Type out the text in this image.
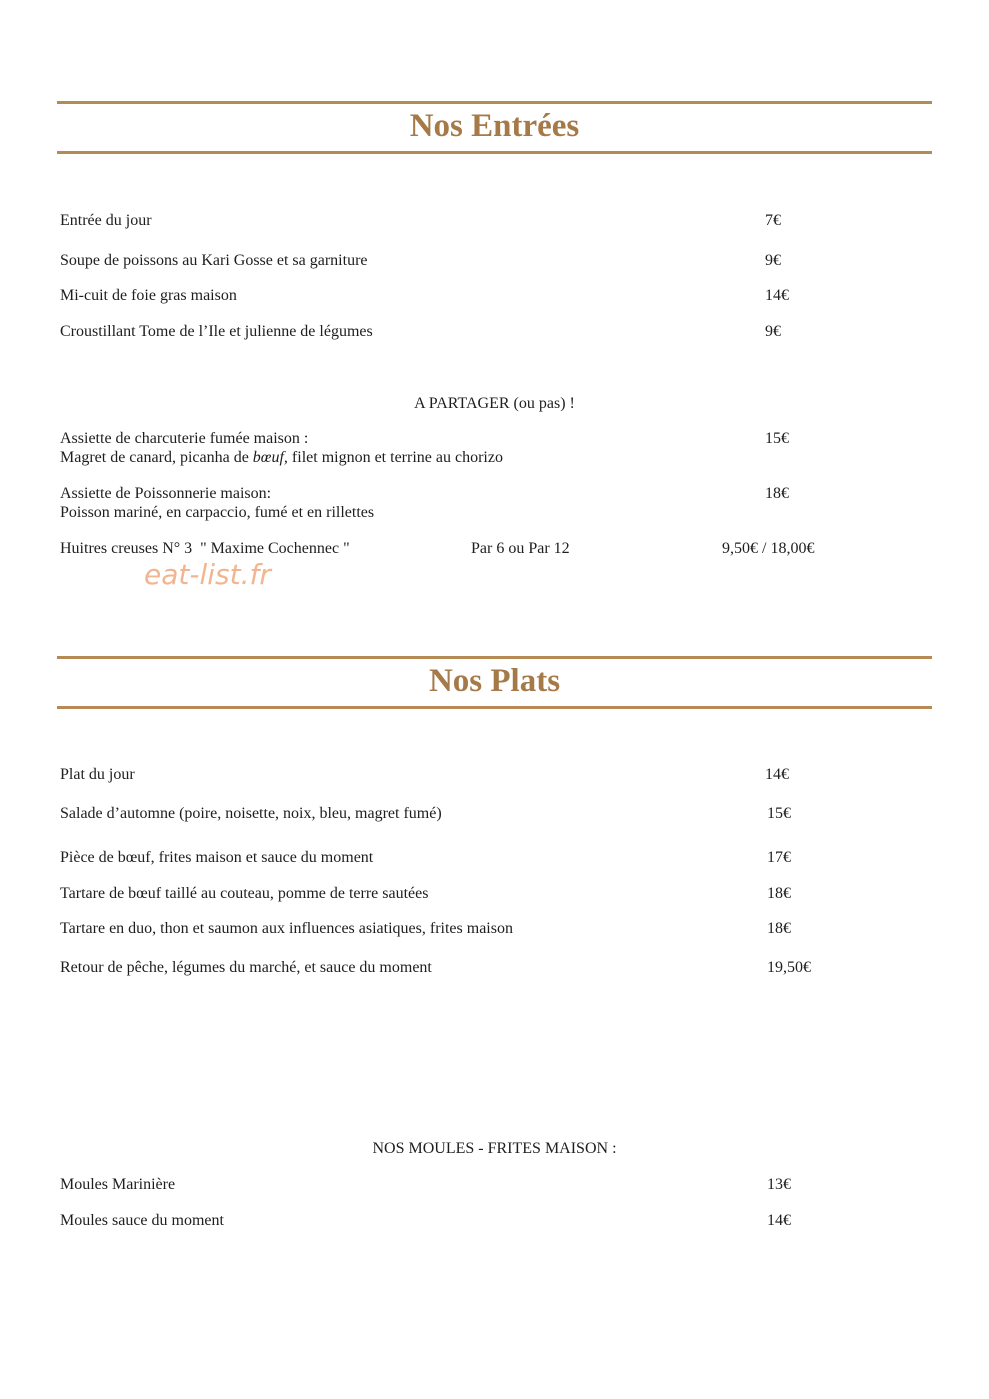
Nos Entrées
Entrée du jour	7€
Soupe de poissons au Kari Gosse et sa garniture	9€
Mi-cuit de foie gras maison	14€
Croustillant Tome de l’Ile et julienne de légumes	9€
A PARTAGER (ou pas) !
Assiette de charcuterie fumée maison :	15€
Magret de canard, picanha de bœuf, filet mignon et terrine au chorizo
Assiette de Poissonnerie maison:	18€
Poisson mariné, en carpaccio, fumé et en rillettes
Huitres creuses N° 3  " Maxime Cochennec "	Par 6 ou Par 12	9,50€ / 18,00€
eat-list.fr
Nos Plats
Plat du jour	14€
Salade d’automne (poire, noisette, noix, bleu, magret fumé)	15€
Pièce de bœuf, frites maison et sauce du moment	17€
Tartare de bœuf taillé au couteau, pomme de terre sautées	18€
Tartare en duo, thon et saumon aux influences asiatiques, frites maison	18€
Retour de pêche, légumes du marché, et sauce du moment	19,50€
NOS MOULES - FRITES MAISON :
Moules Marinière	13€
Moules sauce du moment	14€
